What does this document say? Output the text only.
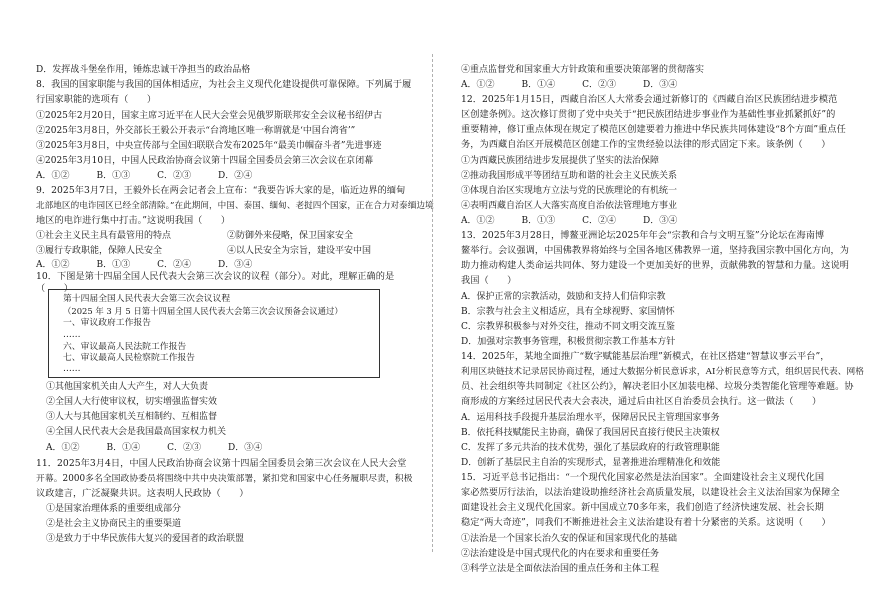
D．发挥战斗堡垒作用，锤炼忠诚干净担当的政治品格
8．我国的国家职能与我国的国体相适应，为社会主义现代化建设提供可靠保障。下列属于履
行国家职能的选项有（　　）
①2025年2月20日，国家主席习近平在人民大会堂会见俄罗斯联邦安全会议秘书绍伊古
②2025年3月8日，外交部长王毅公开表示“台湾地区唯一称谓就是‘中国台湾省’”
③2025年3月8日，中央宣传部与全国妇联联合发布2025年“最美巾帼奋斗者”先进事迹
④2025年3月10日，中国人民政治协商会议第十四届全国委员会第三次会议在京闭幕
A．①②　　　B．①③　　　C．②③　　　D．②④
9．2025年3月7日，王毅外长在两会记者会上宣布：“我要告诉大家的是，临近边界的缅甸
北部地区的电诈园区已经全部清除。”在此期间，中国、泰国、缅甸、老挝四个国家，正在合力对泰缅边境
地区的电诈进行集中打击。”这说明我国（　　）
①社会主义民主具有最管用的特点	②防御外来侵略，保卫国家安全
③履行专政职能，保障人民安全	④以人民安全为宗旨，建设平安中国
A．①②　　　B．①③　　　C．②④　　　D．③④
10．下图是第十四届全国人民代表大会第三次会议的议程（部分）。对此，理解正确的是
（　　）
第十四届全国人民代表大会第三次会议议程
（2025 年 3 月 5 日第十四届全国人民代表大会第三次会议预备会议通过）
一、审议政府工作报告
……
六、审议最高人民法院工作报告
七、审议最高人民检察院工作报告
……
①其他国家机关由人大产生，对人大负责
②全国人大行使审议权，切实增强监督实效
③人大与其他国家机关互相制约、互相监督
④全国人民代表大会是我国最高国家权力机关
A．①②　　　B．①④　　　C．②③　　　D．③④
11．2025年3月4日，中国人民政治协商会议第十四届全国委员会第三次会议在人民大会堂
开幕。2000多名全国政协委员将围绕中共中央决策部署，紧扣党和国家中心任务履职尽责，积极
议政建言，广泛凝聚共识。这表明人民政协（　　）
①是国家治理体系的重要组成部分
②是社会主义协商民主的重要渠道
③是致力于中华民族伟大复兴的爱国者的政治联盟
④重点监督党和国家重大方针政策和重要决策部署的贯彻落实
A．①②　　　B．①④　　　C．②③　　　D．③④
12．2025年1月15日，西藏自治区人大常委会通过新修订的《西藏自治区民族团结进步模范
区创建条例》。这次修订贯彻了党中央关于“把民族团结进步事业作为基础性事业抓紧抓好”的
重要精神，修订重点体现在规定了模范区创建要着力推进中华民族共同体建设“8个方面”重点任
务，为西藏自治区开展模范区创建工作的宝贵经验以法律的形式固定下来。该条例（　　）
①为西藏民族团结进步发展提供了坚实的法治保障
②推动我国形成平等团结互助和谐的社会主义民族关系
③体现自治区实现地方立法与党的民族理论的有机统一
④表明西藏自治区人大落实高度自治依法管理地方事业
A．①②　　　B．①③　　　C．②④　　　D．③④
13．2025年3月28日，博鳌亚洲论坛2025年年会“宗教和合与文明互鉴”分论坛在海南博
鳌举行。会议强调，中国佛教界将始终与全国各地区佛教界一道，坚持我国宗教中国化方向，为
助力推动构建人类命运共同体、努力建设一个更加美好的世界，贡献佛教的智慧和力量。这说明
我国（　　）
A．保护正常的宗教活动，鼓励和支持人们信仰宗教
B．宗教与社会主义相适应，具有全球视野、家国情怀
C．宗教界积极参与对外交往，推动不同文明交流互鉴
D．加强对宗教事务管理，积极贯彻宗教工作基本方针
14．2025年，某地全面推广“数字赋能基层治理”新模式，在社区搭建“智慧议事云平台”，
利用区块链技术记录居民协商过程，通过大数据分析民意诉求，AI分析民意等方式，组织居民代表、网格
员、社会组织等共同制定《社区公约》，解决老旧小区加装电梯、垃圾分类智能化管理等难题。协
商形成的方案经过居民代表大会表决，通过后由社区自治委员会执行。这一做法（　　）
A．运用科技手段提升基层治理水平，保障居民民主管理国家事务
B．依托科技赋能民主协商，确保了我国居民直接行使民主决策权
C．发挥了多元共治的技术优势，强化了基层政府的行政管理职能
D．创新了基层民主自治的实现形式，显著推进治理精准化和效能
15．习近平总书记指出：“一个现代化国家必然是法治国家”。全面建设社会主义现代化国
家必然要厉行法治，以法治建设助推经济社会高质量发展，以建设社会主义法治国家为保障全
面建设社会主义现代化国家。新中国成立70多年来，我们创造了经济快速发展、社会长期
稳定“两大奇迹”，同我们不断推进社会主义法治建设有着十分紧密的关系。这说明（　　）
①法治是一个国家长治久安的保证和国家现代化的基础
②法治建设是中国式现代化的内在要求和重要任务
③科学立法是全面依法治国的重点任务和主体工程
